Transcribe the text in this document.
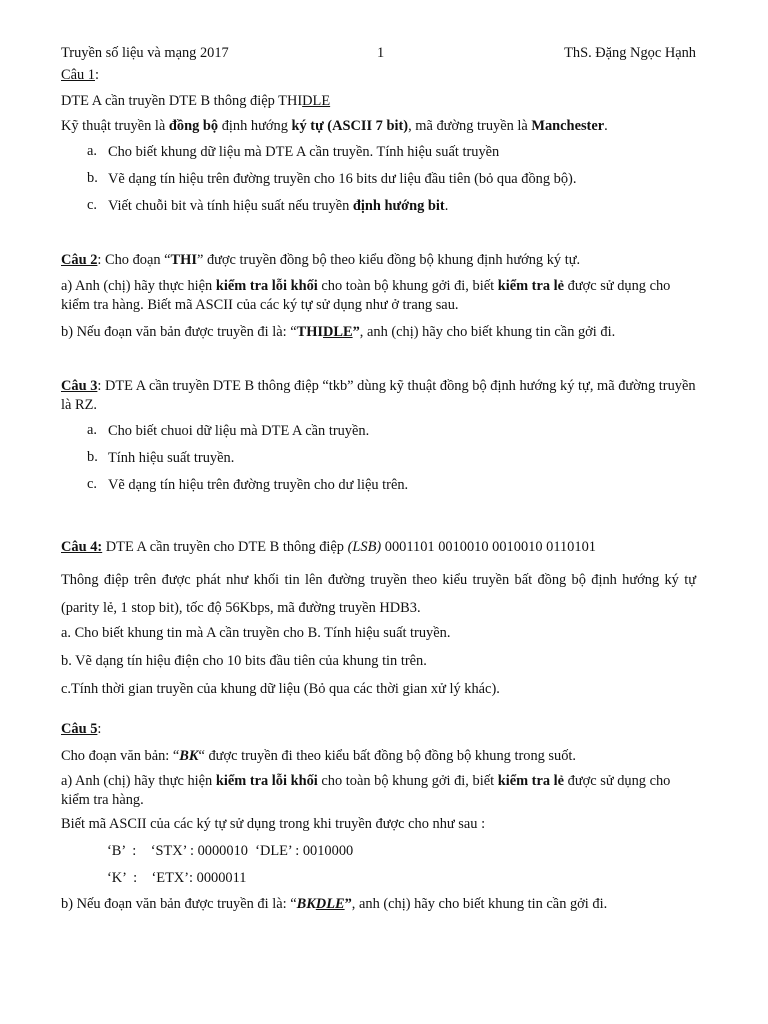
Truyền số liệu và mạng 2017	1	ThS. Đặng Ngọc Hạnh

Câu 1:

DTE A cần truyền DTE B thông điệp THIDLE

Kỹ thuật truyền là đồng bộ định hướng ký tự (ASCII 7 bit), mã đường truyền là Manchester.

a. Cho biết khung dữ liệu mà DTE A cần truyền. Tính hiệu suất truyền

b. Vẽ dạng tín hiệu trên đường truyền cho 16 bits dư liệu đầu tiên (bỏ qua đồng bộ).

c. Viết chuỗi bit và tính hiệu suất nếu truyền định hướng bit.

Câu 2: Cho đoạn “THI” được truyền đồng bộ theo kiểu đồng bộ khung định hướng ký tự.

a) Anh (chị) hãy thực hiện kiểm tra lỗi khối cho toàn bộ khung gởi đi, biết kiểm tra lẻ được sử dụng cho kiểm tra hàng. Biết mã ASCII của các ký tự sử dụng như ở trang sau.

b) Nếu đoạn văn bản được truyền đi là: “THIDLE”, anh (chị) hãy cho biết khung tin cần gởi đi.

Câu 3: DTE A cần truyền DTE B thông điệp “tkb” dùng kỹ thuật đồng bộ định hướng ký tự, mã đường truyền là RZ.

a. Cho biết chuoi dữ liệu mà DTE A cần truyền.

b. Tính hiệu suất truyền.

c. Vẽ dạng tín hiệu trên đường truyền cho dư liệu trên.

Câu 4: DTE A cần truyền cho DTE B thông điệp (LSB) 0001101 0010010 0010010 0110101

Thông điệp trên được phát như khối tin lên đường truyền theo kiểu truyền bất đồng bộ định hướng ký tự (parity lẻ, 1 stop bit), tốc độ 56Kbps, mã đường truyền HDB3.

a. Cho biết khung tin mà A cần truyền cho B. Tính hiệu suất truyền.

b. Vẽ dạng tín hiệu điện cho 10 bits đầu tiên của khung tin trên.

c.Tính thời gian truyền của khung dữ liệu (Bỏ qua các thời gian xử lý khác).

Câu 5:

Cho đoạn văn bản: “BK“ được truyền đi theo kiểu bất đồng bộ đồng bộ khung trong suốt.

a) Anh (chị) hãy thực hiện kiểm tra lỗi khối cho toàn bộ khung gởi đi, biết kiểm tra lẻ được sử dụng cho kiểm tra hàng.

Biết mã ASCII của các ký tự sử dụng trong khi truyền được cho như sau :

‘B’  :    ‘STX’ : 0000010  ‘DLE’ : 0010000

‘K’  :    ‘ETX’: 0000011

b) Nếu đoạn văn bản được truyền đi là: “BKDLE”, anh (chị) hãy cho biết khung tin cần gởi đi.
